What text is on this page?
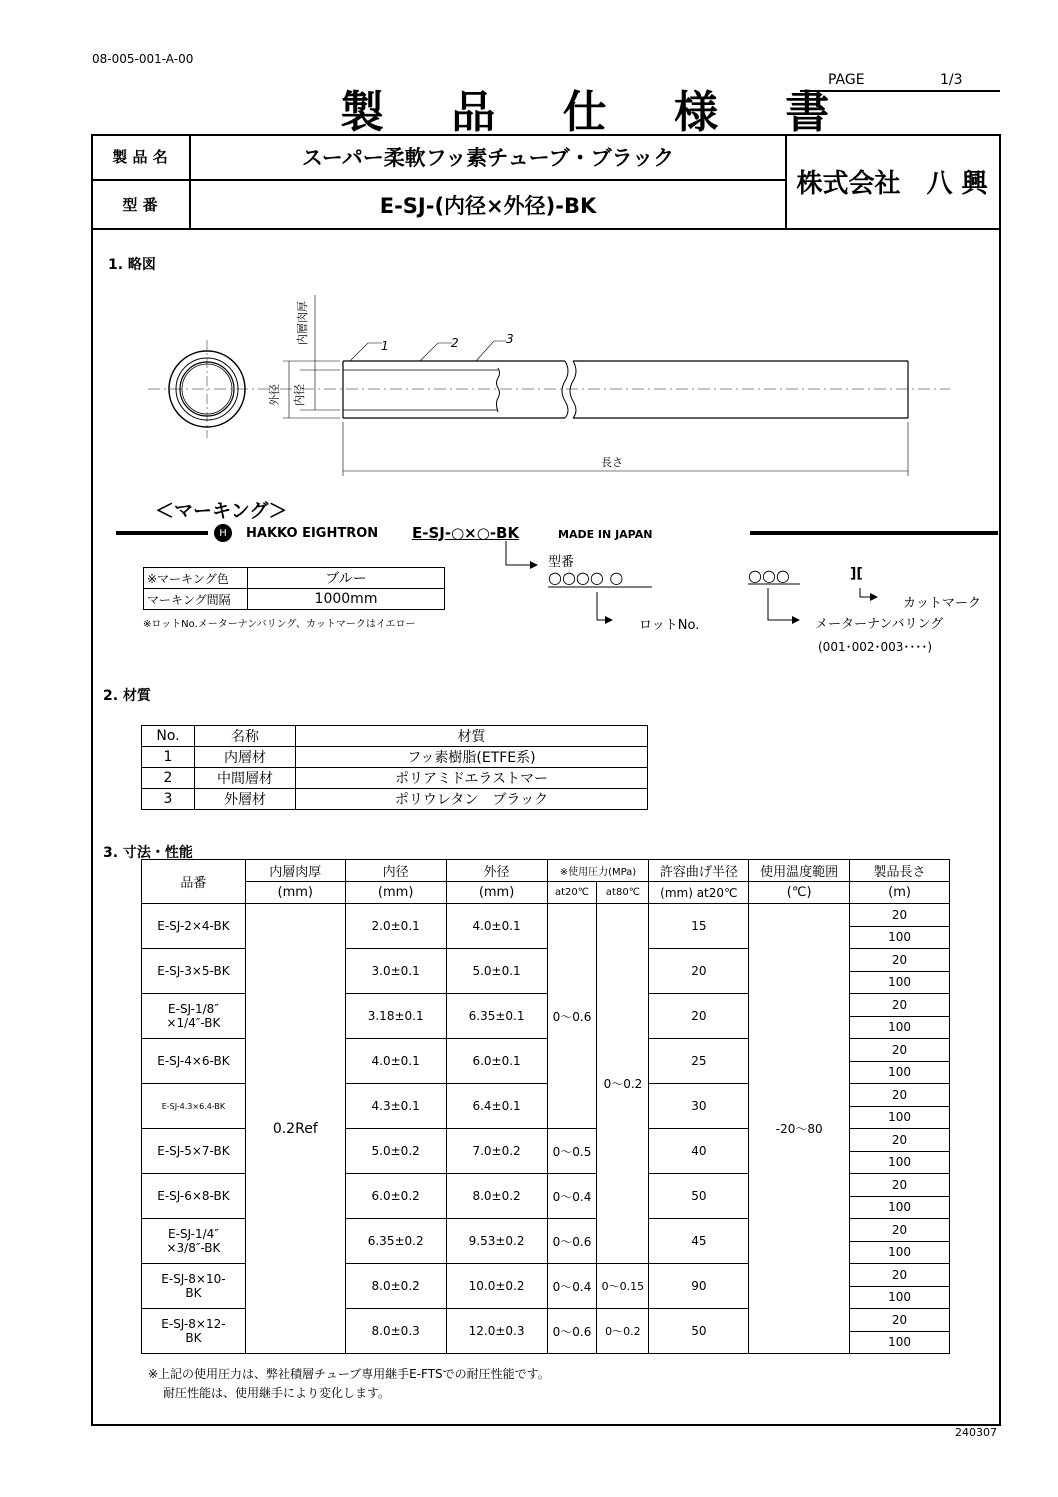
08-005-001-A-00
製 品 仕 様 書
PAGE	1/3
製 品 名	スーパー柔軟フッ素チューブ・ブラック
型 番	E-SJ-(内径×外径)-BK
株式会社　八 興
1. 略図
外径 内径
内層肉厚
長さ
1	2	3
＜マーキング＞
H	HAKKO EIGHTRON E-SJ-○×○-BK	MADE IN JAPAN
型番
○○○○ ○
ロットNo.
○○○	][
カットマーク
メーターナンバリング
(001･002･003････)
※マーキング色	ブルー
マーキング間隔	1000mm
※ロットNo.メーターナンバリング、カットマークはイエロー
2. 材質
No.	名称	材質
1	内層材	フッ素樹脂(ETFE系)
2	中間層材	ポリアミドエラストマー
3	外層材	ポリウレタン　ブラック
3. 寸法・性能
品番	内層肉厚	内径	外径	※使用圧力(MPa)		許容曲げ半径	使用温度範囲	製品長さ
	(mm)	(mm)	(mm)	at20℃	at80℃	(mm) at20℃	(℃)	(m)
E-SJ-2×4-BK	0.2Ref	2.0±0.1	4.0±0.1	0～0.6	0～0.2	15	-20～80	20
								100
E-SJ-3×5-BK		3.0±0.1	5.0±0.1			20		20
								100

E-SJ-1/8″
×1/4″-BK		3.18±0.1	6.35±0.1			20		20
								100
E-SJ-4×6-BK		4.0±0.1	6.0±0.1			25		20
								100
E-SJ-4.3×6.4-BK		4.3±0.1	6.4±0.1			30		20
								100
E-SJ-5×7-BK		5.0±0.2	7.0±0.2	0～0.5		40		20
								100
E-SJ-6×8-BK		6.0±0.2	8.0±0.2	0～0.4		50		20
								100

E-SJ-1/4″
×3/8″-BK		6.35±0.2	9.53±0.2	0～0.6		45		20
								100

E-SJ-8×10-
BK		8.0±0.2	10.0±0.2	0～0.4	0～0.15	90		20
								100

E-SJ-8×12-
BK		8.0±0.3	12.0±0.3	0～0.6	0～0.2	50		20
								100
※上記の使用圧力は、弊社積層チューブ専用継手E-FTSでの耐圧性能です。
耐圧性能は、使用継手により変化します。
240307
